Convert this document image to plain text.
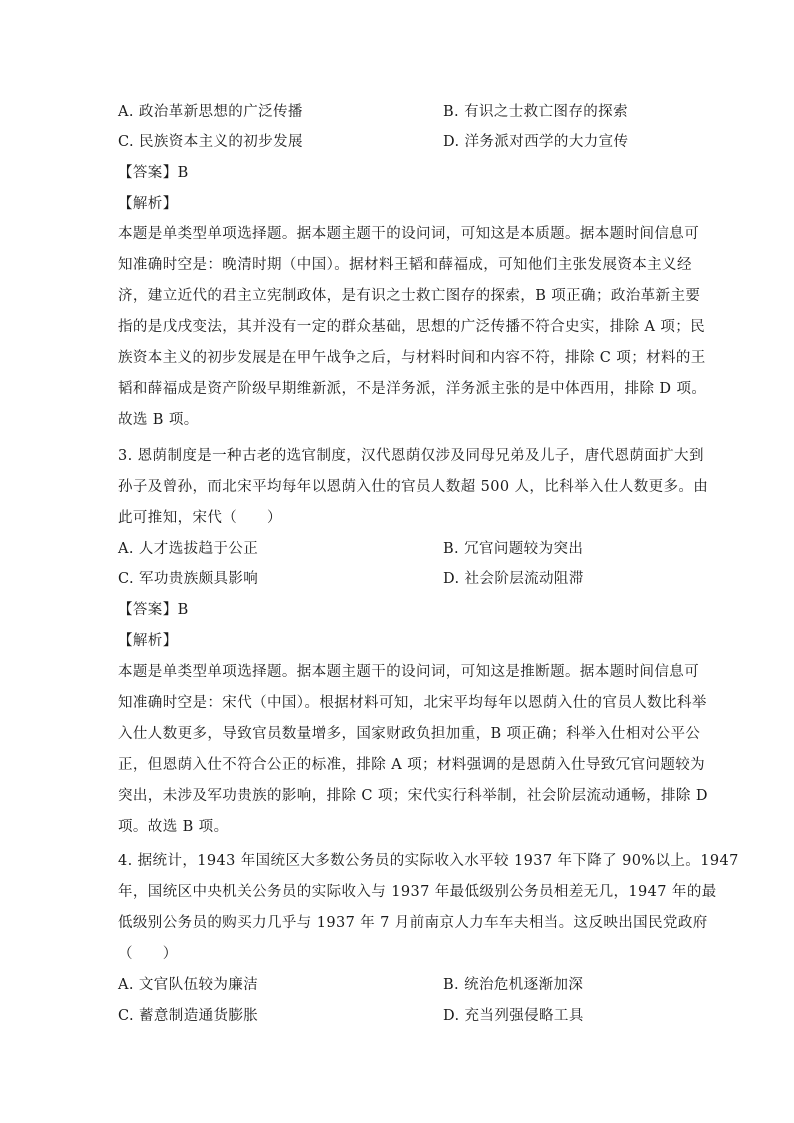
A. 政治革新思想的广泛传播	B. 有识之士救亡图存的探索
C. 民族资本主义的初步发展	D. 洋务派对西学的大力宣传
【答案】B
【解析】
本题是单类型单项选择题。据本题主题干的设问词，可知这是本质题。据本题时间信息可
知准确时空是：晚清时期（中国）。据材料王韬和薛福成，可知他们主张发展资本主义经
济，建立近代的君主立宪制政体，是有识之士救亡图存的探索，B 项正确；政治革新主要
指的是戊戌变法，其并没有一定的群众基础，思想的广泛传播不符合史实，排除 A 项；民
族资本主义的初步发展是在甲午战争之后，与材料时间和内容不符，排除 C 项；材料的王
韬和薛福成是资产阶级早期维新派，不是洋务派，洋务派主张的是中体西用，排除 D 项。
故选 B 项。
3. 恩荫制度是一种古老的选官制度，汉代恩荫仅涉及同母兄弟及儿子，唐代恩荫面扩大到
孙子及曾孙，而北宋平均每年以恩荫入仕的官员人数超 500 人，比科举入仕人数更多。由
此可推知，宋代（　　）
A. 人才选拔趋于公正	B. 冗官问题较为突出
C. 军功贵族颇具影响	D. 社会阶层流动阻滞
【答案】B
【解析】
本题是单类型单项选择题。据本题主题干的设问词，可知这是推断题。据本题时间信息可
知准确时空是：宋代（中国）。根据材料可知，北宋平均每年以恩荫入仕的官员人数比科举
入仕人数更多，导致官员数量增多，国家财政负担加重，B 项正确；科举入仕相对公平公
正，但恩荫入仕不符合公正的标准，排除 A 项；材料强调的是恩荫入仕导致冗官问题较为
突出，未涉及军功贵族的影响，排除 C 项；宋代实行科举制，社会阶层流动通畅，排除 D
项。故选 B 项。
4. 据统计，1943 年国统区大多数公务员的实际收入水平较 1937 年下降了 90%以上。1947
年，国统区中央机关公务员的实际收入与 1937 年最低级别公务员相差无几，1947 年的最
低级别公务员的购买力几乎与 1937 年 7 月前南京人力车车夫相当。这反映出国民党政府
（　　）
A. 文官队伍较为廉洁	B. 统治危机逐渐加深
C. 蓄意制造通货膨胀	D. 充当列强侵略工具
